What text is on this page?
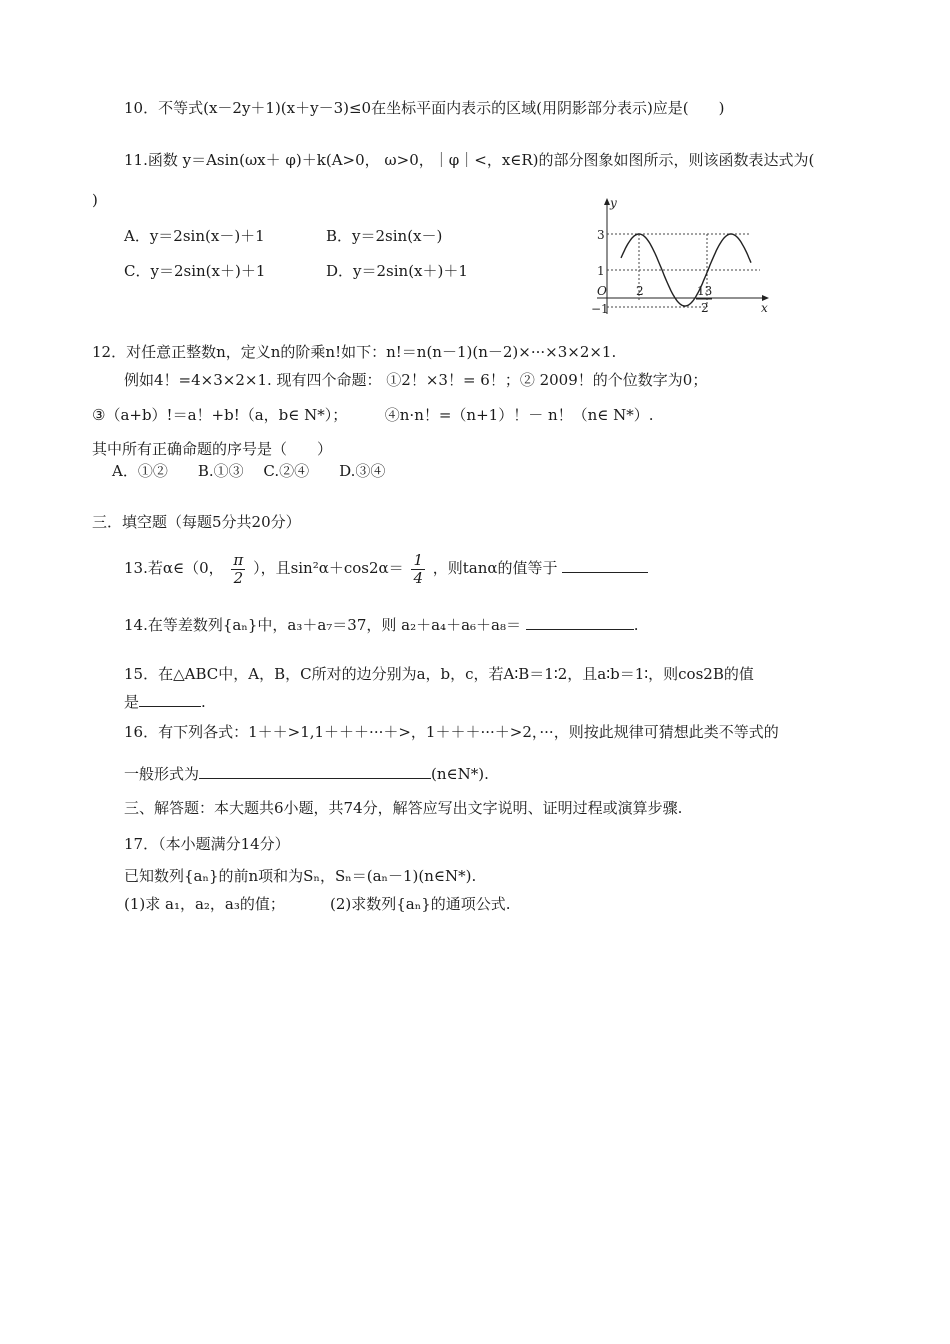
10．不等式(x－2y＋1)(x＋y－3)≤0在坐标平面内表示的区域(用阴影部分表示)应是(　　)
11.函数 y＝Asin(ωx＋ φ)＋k(A>0， ω>0，｜φ｜<，x∈R)的部分图象如图所示，则该函数表达式为(
)
A．y＝2sin(x－)＋1	B．y＝2sin(x－)
C．y＝2sin(x＋)＋1	D．y＝2sin(x＋)＋1
y
x
O
3
1
−1
2	13
2
12．对任意正整数n，定义n的阶乘n!如下：n!＝n(n－1)(n－2)×···×3×2×1.
例如4！=4×3×2×1. 现有四个命题： ①2！×3！= 6！；② 2009！的个位数字为0；
③（a+b）!＝a！+b!（a，b∈ N*）；　　　④n·n！=（n+1）！－ n！（n∈ N*）.
其中所有正确命题的序号是（　　）
A．①②　　B.①③　 C.②④　　D.③④
三．填空题（每题5分共20分）
13.若α∈（0， $\frac{\pi}{2}$ ），且$\sin^2\alpha+\cos 2\alpha= \frac{1}{4}$ ，则tanα的值等于
14.在等差数列{aₙ}中，a₃＋a₇＝37，则 a₂＋a₄＋a₆＋a₈＝	.
15．在△ABC中，A，B，C所对的边分别为a，b，c，若A∶B＝1∶2，且a∶b＝1∶，则cos2B的值
是	.
16．有下列各式：1＋＋>1,1＋＋＋···＋>，1＋＋＋···＋>2，···，则按此规律可猜想此类不等式的
一般形式为	(n∈N*).
三、解答题：本大题共6小题，共74分，解答应写出文字说明、证明过程或演算步骤.
17．（本小题满分14分）
已知数列{aₙ}的前n项和为Sₙ，Sₙ＝(aₙ－1)(n∈N*).
(1)求 a₁，a₂，a₃的值；	(2)求数列{aₙ}的通项公式.
